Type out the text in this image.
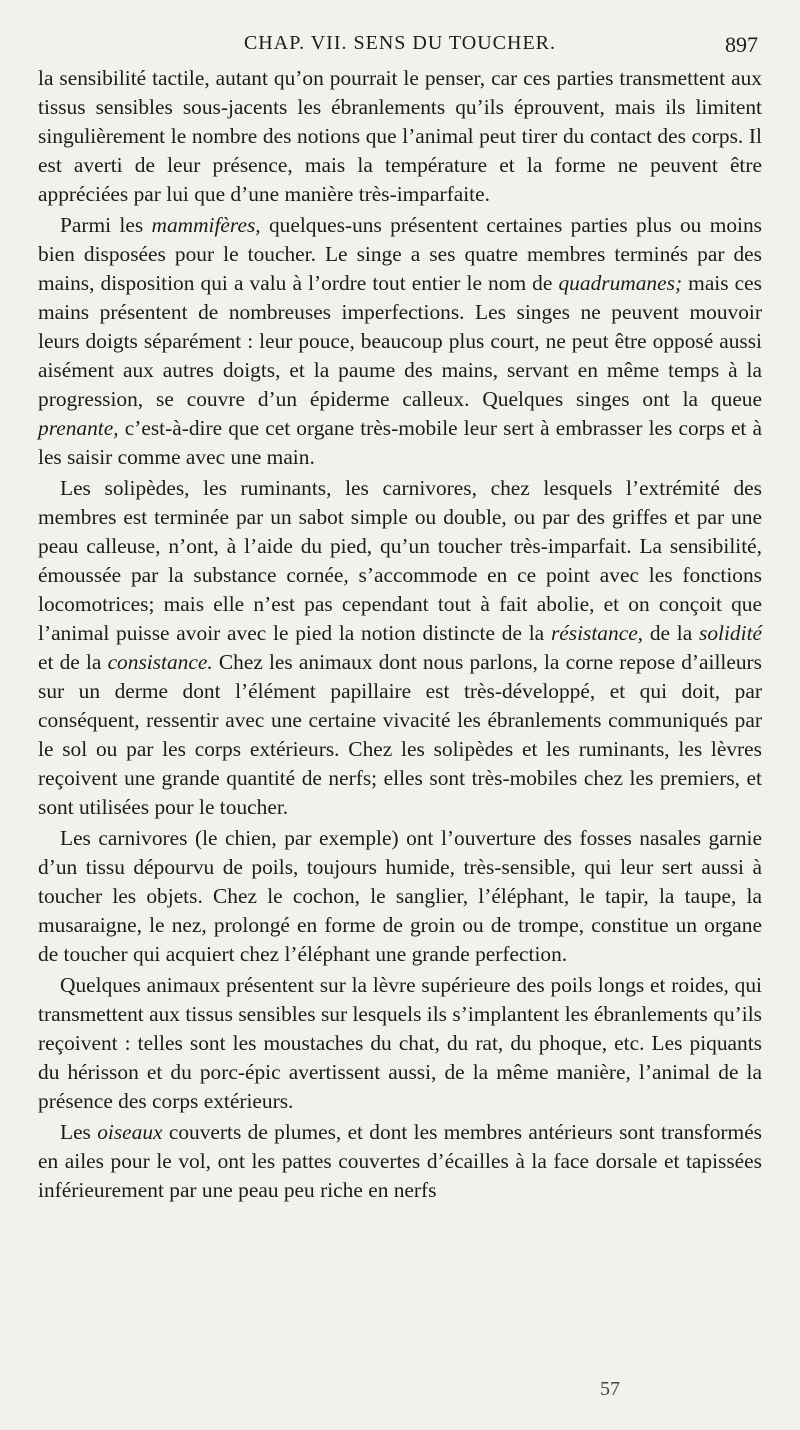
CHAP. VII. SENS DU TOUCHER.	897

la sensibilité tactile, autant qu’on pourrait le penser, car ces parties transmettent aux tissus sensibles sous-jacents les ébranlements qu’ils éprouvent, mais ils limitent singulièrement le nombre des notions que l’animal peut tirer du contact des corps. Il est averti de leur présence, mais la température et la forme ne peuvent être appréciées par lui que d’une manière très-imparfaite.

Parmi les mammifères, quelques-uns présentent certaines parties plus ou moins bien disposées pour le toucher. Le singe a ses quatre membres terminés par des mains, disposition qui a valu à l’ordre tout entier le nom de quadrumanes; mais ces mains présentent de nombreuses imperfections. Les singes ne peuvent mouvoir leurs doigts séparément : leur pouce, beaucoup plus court, ne peut être opposé aussi aisément aux autres doigts, et la paume des mains, servant en même temps à la progression, se couvre d’un épiderme calleux. Quelques singes ont la queue prenante, c’est-à-dire que cet organe très-mobile leur sert à embrasser les corps et à les saisir comme avec une main.

Les solipèdes, les ruminants, les carnivores, chez lesquels l’extrémité des membres est terminée par un sabot simple ou double, ou par des griffes et par une peau calleuse, n’ont, à l’aide du pied, qu’un toucher très-imparfait. La sensibilité, émoussée par la substance cornée, s’accommode en ce point avec les fonctions locomotrices; mais elle n’est pas cependant tout à fait abolie, et on conçoit que l’animal puisse avoir avec le pied la notion distincte de la résistance, de la solidité et de la consistance. Chez les animaux dont nous parlons, la corne repose d’ailleurs sur un derme dont l’élément papillaire est très-développé, et qui doit, par conséquent, ressentir avec une certaine vivacité les ébranlements communiqués par le sol ou par les corps extérieurs. Chez les solipèdes et les ruminants, les lèvres reçoivent une grande quantité de nerfs; elles sont très-mobiles chez les premiers, et sont utilisées pour le toucher.

Les carnivores (le chien, par exemple) ont l’ouverture des fosses nasales garnie d’un tissu dépourvu de poils, toujours humide, très-sensible, qui leur sert aussi à toucher les objets. Chez le cochon, le sanglier, l’éléphant, le tapir, la taupe, la musaraigne, le nez, prolongé en forme de groin ou de trompe, constitue un organe de toucher qui acquiert chez l’éléphant une grande perfection.

Quelques animaux présentent sur la lèvre supérieure des poils longs et roides, qui transmettent aux tissus sensibles sur lesquels ils s’implantent les ébranlements qu’ils reçoivent : telles sont les moustaches du chat, du rat, du phoque, etc. Les piquants du hérisson et du porc-épic avertissent aussi, de la même manière, l’animal de la présence des corps extérieurs.

Les oiseaux couverts de plumes, et dont les membres antérieurs sont transformés en ailes pour le vol, ont les pattes couvertes d’écailles à la face dorsale et tapissées inférieurement par une peau peu riche en nerfs

57
